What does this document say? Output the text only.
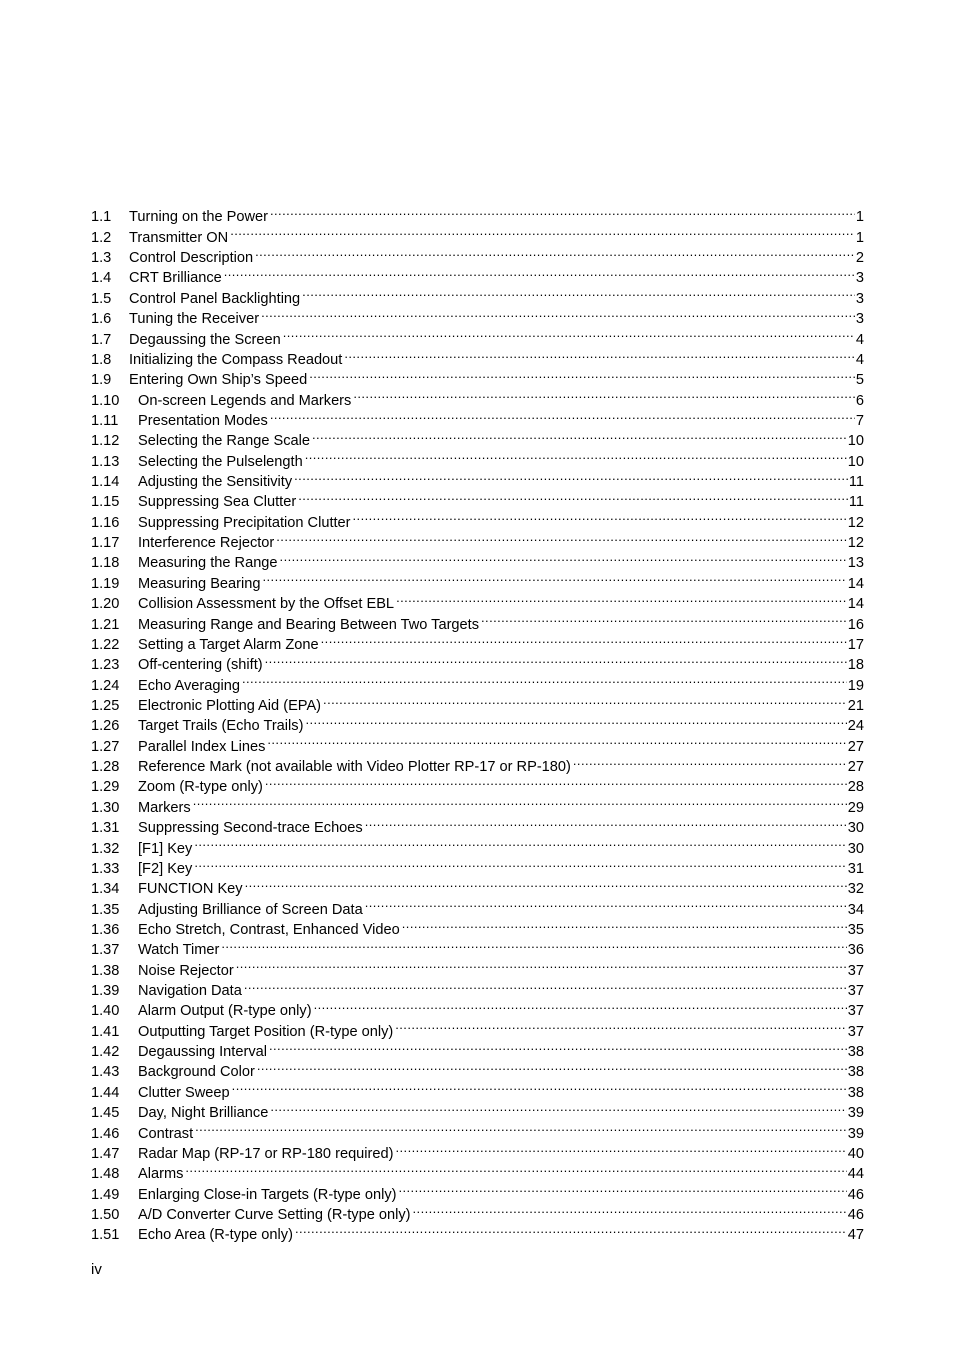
1.1	Turning on the Power . . .	1
1.2	Transmitter ON . . .	1
1.3	Control Description . . .	2
1.4	CRT Brilliance . . .	3
1.5	Control Panel Backlighting . . .	3
1.6	Tuning the Receiver . . .	3
1.7	Degaussing the Screen . . .	4
1.8	Initializing the Compass Readout . . .	4
1.9	Entering Own Ship’s Speed . . .	5
1.10	On-screen Legends and Markers . . .	6
1.11	Presentation Modes . . .	7
1.12	Selecting the Range Scale . . .	10
1.13	Selecting the Pulselength . . .	10
1.14	Adjusting the Sensitivity . . .	11
1.15	Suppressing Sea Clutter . . .	11
1.16	Suppressing Precipitation Clutter . . .	12
1.17	Interference Rejector . . .	12
1.18	Measuring the Range . . .	13
1.19	Measuring Bearing . . .	14
1.20	Collision Assessment by the Offset EBL . . .	14
1.21	Measuring Range and Bearing Between Two Targets . . .	16
1.22	Setting a Target Alarm Zone . . .	17
1.23	Off-centering (shift) . . .	18
1.24	Echo Averaging . . .	19
1.25	Electronic Plotting Aid (EPA) . . .	21
1.26	Target Trails (Echo Trails) . . .	24
1.27	Parallel Index Lines . . .	27
1.28	Reference Mark (not available with Video Plotter RP-17 or RP-180) . . .	27
1.29	Zoom (R-type only) . . .	28
1.30	Markers . . .	29
1.31	Suppressing Second-trace Echoes . . .	30
1.32	[F1] Key . . .	30
1.33	[F2] Key . . .	31
1.34	FUNCTION Key . . .	32
1.35	Adjusting Brilliance of Screen Data . . .	34
1.36	Echo Stretch, Contrast, Enhanced Video . . .	35
1.37	Watch Timer . . .	36
1.38	Noise Rejector . . .	37
1.39	Navigation Data . . .	37
1.40	Alarm Output (R-type only) . . .	37
1.41	Outputting Target Position (R-type only) . . .	37
1.42	Degaussing Interval . . .	38
1.43	Background Color . . .	38
1.44	Clutter Sweep . . .	38
1.45	Day, Night Brilliance . . .	39
1.46	Contrast . . .	39
1.47	Radar Map (RP-17 or RP-180 required) . . .	40
1.48	Alarms . . .	44
1.49	Enlarging Close-in Targets (R-type only) . . .	46
1.50	A/D Converter Curve Setting (R-type only) . . .	46
1.51	Echo Area (R-type only) . . .	47
iv
